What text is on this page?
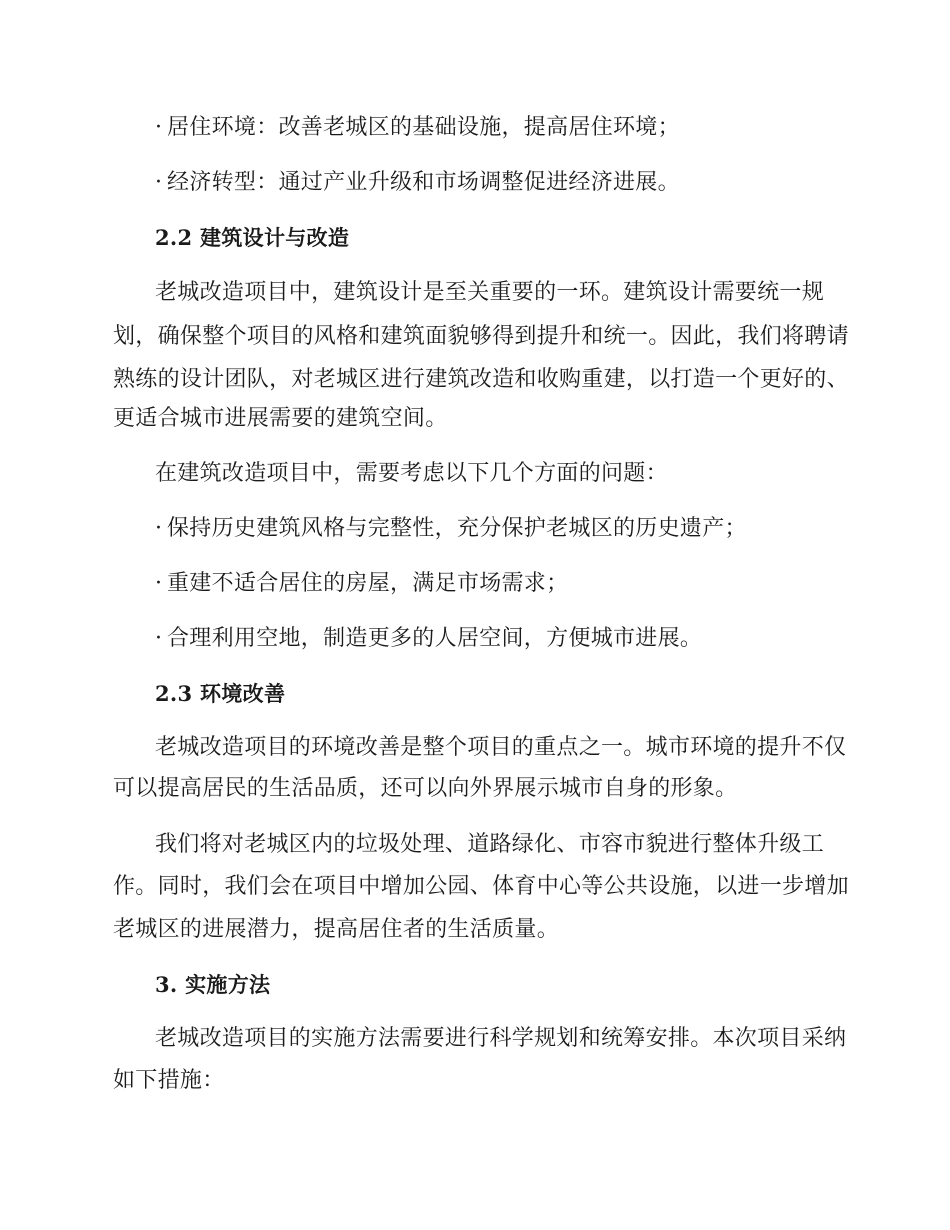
· 居住环境：改善老城区的基础设施，提高居住环境；
· 经济转型：通过产业升级和市场调整促进经济进展。
2.2 建筑设计与改造
老城改造项目中，建筑设计是至关重要的一环。建筑设计需要统一规
划，确保整个项目的风格和建筑面貌够得到提升和统一。因此，我们将聘请
熟练的设计团队，对老城区进行建筑改造和收购重建，以打造一个更好的、
更适合城市进展需要的建筑空间。
在建筑改造项目中，需要考虑以下几个方面的问题：
· 保持历史建筑风格与完整性，充分保护老城区的历史遗产；
· 重建不适合居住的房屋，满足市场需求；
· 合理利用空地，制造更多的人居空间，方便城市进展。
2.3 环境改善
老城改造项目的环境改善是整个项目的重点之一。城市环境的提升不仅
可以提高居民的生活品质，还可以向外界展示城市自身的形象。
我们将对老城区内的垃圾处理、道路绿化、市容市貌进行整体升级工
作。同时，我们会在项目中增加公园、体育中心等公共设施，以进一步增加
老城区的进展潜力，提高居住者的生活质量。
3. 实施方法
老城改造项目的实施方法需要进行科学规划和统筹安排。本次项目采纳
如下措施：
